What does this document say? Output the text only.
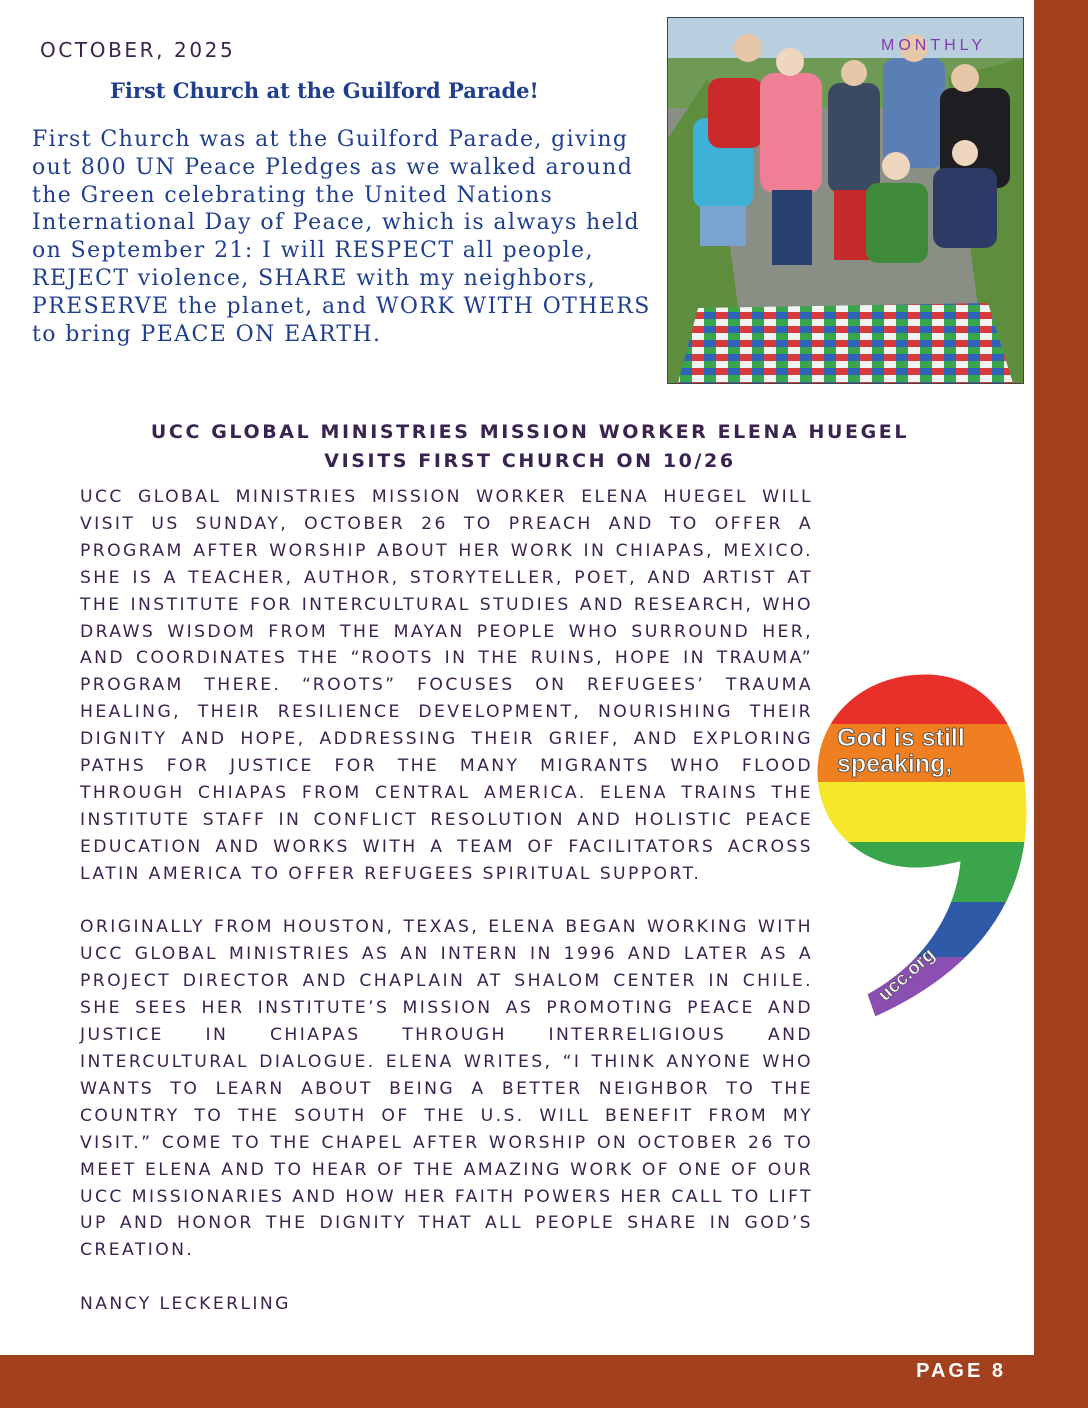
PAGE 8
OCTOBER, 2025
First Church at the Guilford Parade!

First Church was at the Guilford Parade, giving out 800 UN Peace Pledges as we walked around the Green celebrating the United Nations International Day of Peace, which is always held on September 21: I will RESPECT all people, REJECT violence, SHARE with my neighbors, PRESERVE the planet, and WORK WITH OTHERS to bring PEACE ON EARTH.

MONTHLY
UCC GLOBAL MINISTRIES MISSION WORKER ELENA HUEGEL
VISITS FIRST CHURCH ON 10/26

UCC GLOBAL MINISTRIES MISSION WORKER ELENA HUEGEL WILL VISIT US SUNDAY, OCTOBER 26 TO PREACH AND TO OFFER A PROGRAM AFTER WORSHIP ABOUT HER WORK IN CHIAPAS, MEXICO. SHE IS A TEACHER, AUTHOR, STORYTELLER, POET, AND ARTIST AT THE INSTITUTE FOR INTERCULTURAL STUDIES AND RESEARCH, WHO DRAWS WISDOM FROM THE MAYAN PEOPLE WHO SURROUND HER, AND COORDINATES THE “ROOTS IN THE RUINS, HOPE IN TRAUMA” PROGRAM THERE. “ROOTS” FOCUSES ON REFUGEES’ TRAUMA HEALING, THEIR RESILIENCE DEVELOPMENT, NOURISHING THEIR DIGNITY AND HOPE, ADDRESSING THEIR GRIEF, AND EXPLORING PATHS FOR JUSTICE FOR THE MANY MIGRANTS WHO FLOOD THROUGH CHIAPAS FROM CENTRAL AMERICA. ELENA TRAINS THE INSTITUTE STAFF IN CONFLICT RESOLUTION AND HOLISTIC PEACE EDUCATION AND WORKS WITH A TEAM OF FACILITATORS ACROSS LATIN AMERICA TO OFFER REFUGEES SPIRITUAL SUPPORT.

ORIGINALLY FROM HOUSTON, TEXAS, ELENA BEGAN WORKING WITH UCC GLOBAL MINISTRIES AS AN INTERN IN 1996 AND LATER AS A PROJECT DIRECTOR AND CHAPLAIN AT SHALOM CENTER IN CHILE. SHE SEES HER INSTITUTE’S MISSION AS PROMOTING PEACE AND JUSTICE IN CHIAPAS THROUGH INTERRELIGIOUS AND INTERCULTURAL DIALOGUE. ELENA WRITES, “I THINK ANYONE WHO WANTS TO LEARN ABOUT BEING A BETTER NEIGHBOR TO THE COUNTRY TO THE SOUTH OF THE U.S. WILL BENEFIT FROM MY VISIT.” COME TO THE CHAPEL AFTER WORSHIP ON OCTOBER 26 TO MEET ELENA AND TO HEAR OF THE AMAZING WORK OF ONE OF OUR UCC MISSIONARIES AND HOW HER FAITH POWERS HER CALL TO LIFT UP AND HONOR THE DIGNITY THAT ALL PEOPLE SHARE IN GOD’S CREATION.

NANCY LECKERLING

God is still
speaking,
ucc.org
